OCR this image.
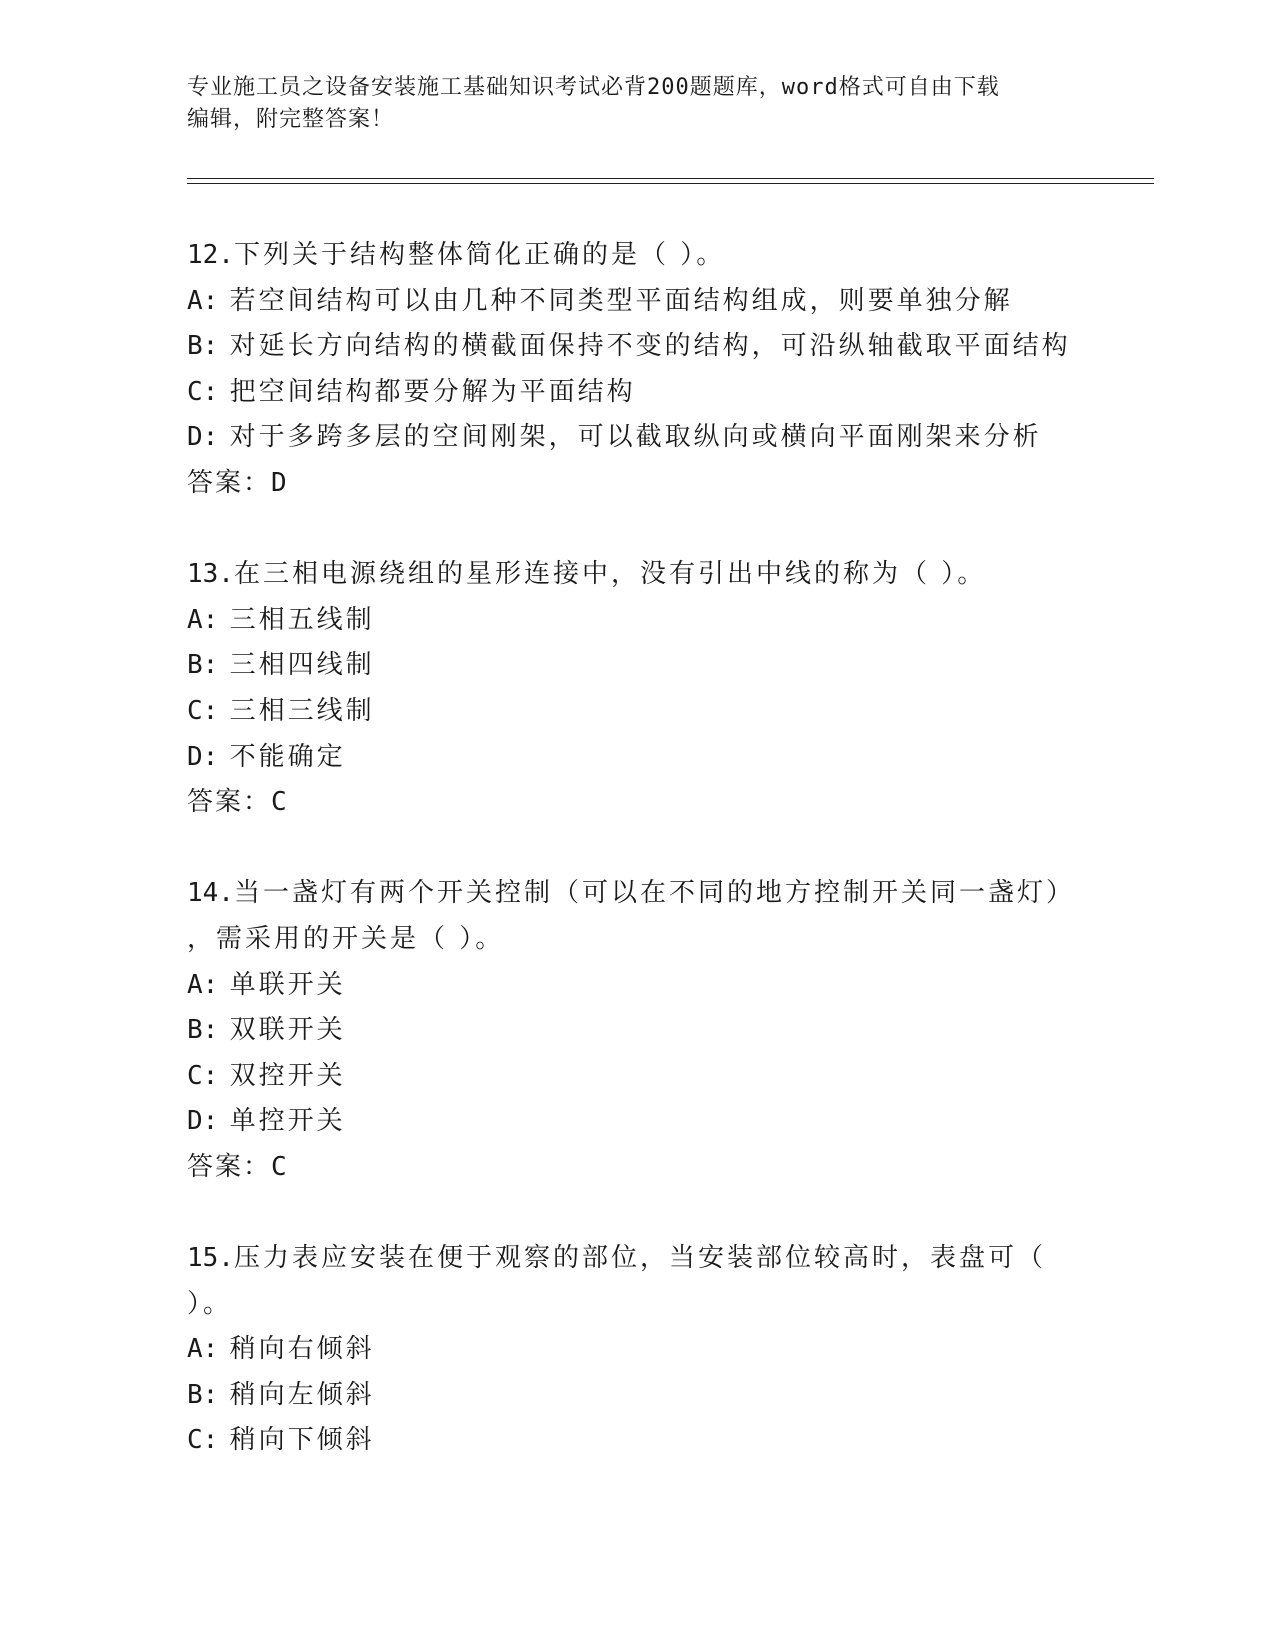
专业施工员之设备安装施工基础知识考试必背200题题库，word格式可自由下载
编辑，附完整答案！
12.下列关于结构整体简化正确的是（ ）。
A: 若空间结构可以由几种不同类型平面结构组成，则要单独分解
B: 对延长方向结构的横截面保持不变的结构，可沿纵轴截取平面结构
C: 把空间结构都要分解为平面结构
D: 对于多跨多层的空间刚架，可以截取纵向或横向平面刚架来分析
答案：D
13.在三相电源绕组的星形连接中，没有引出中线的称为（ ）。
A: 三相五线制
B: 三相四线制
C: 三相三线制
D: 不能确定
答案：C
14.当一盏灯有两个开关控制（可以在不同的地方控制开关同一盏灯）
，需采用的开关是（ ）。
A: 单联开关
B: 双联开关
C: 双控开关
D: 单控开关
答案：C
15.压力表应安装在便于观察的部位，当安装部位较高时，表盘可（
）。
A: 稍向右倾斜
B: 稍向左倾斜
C: 稍向下倾斜
